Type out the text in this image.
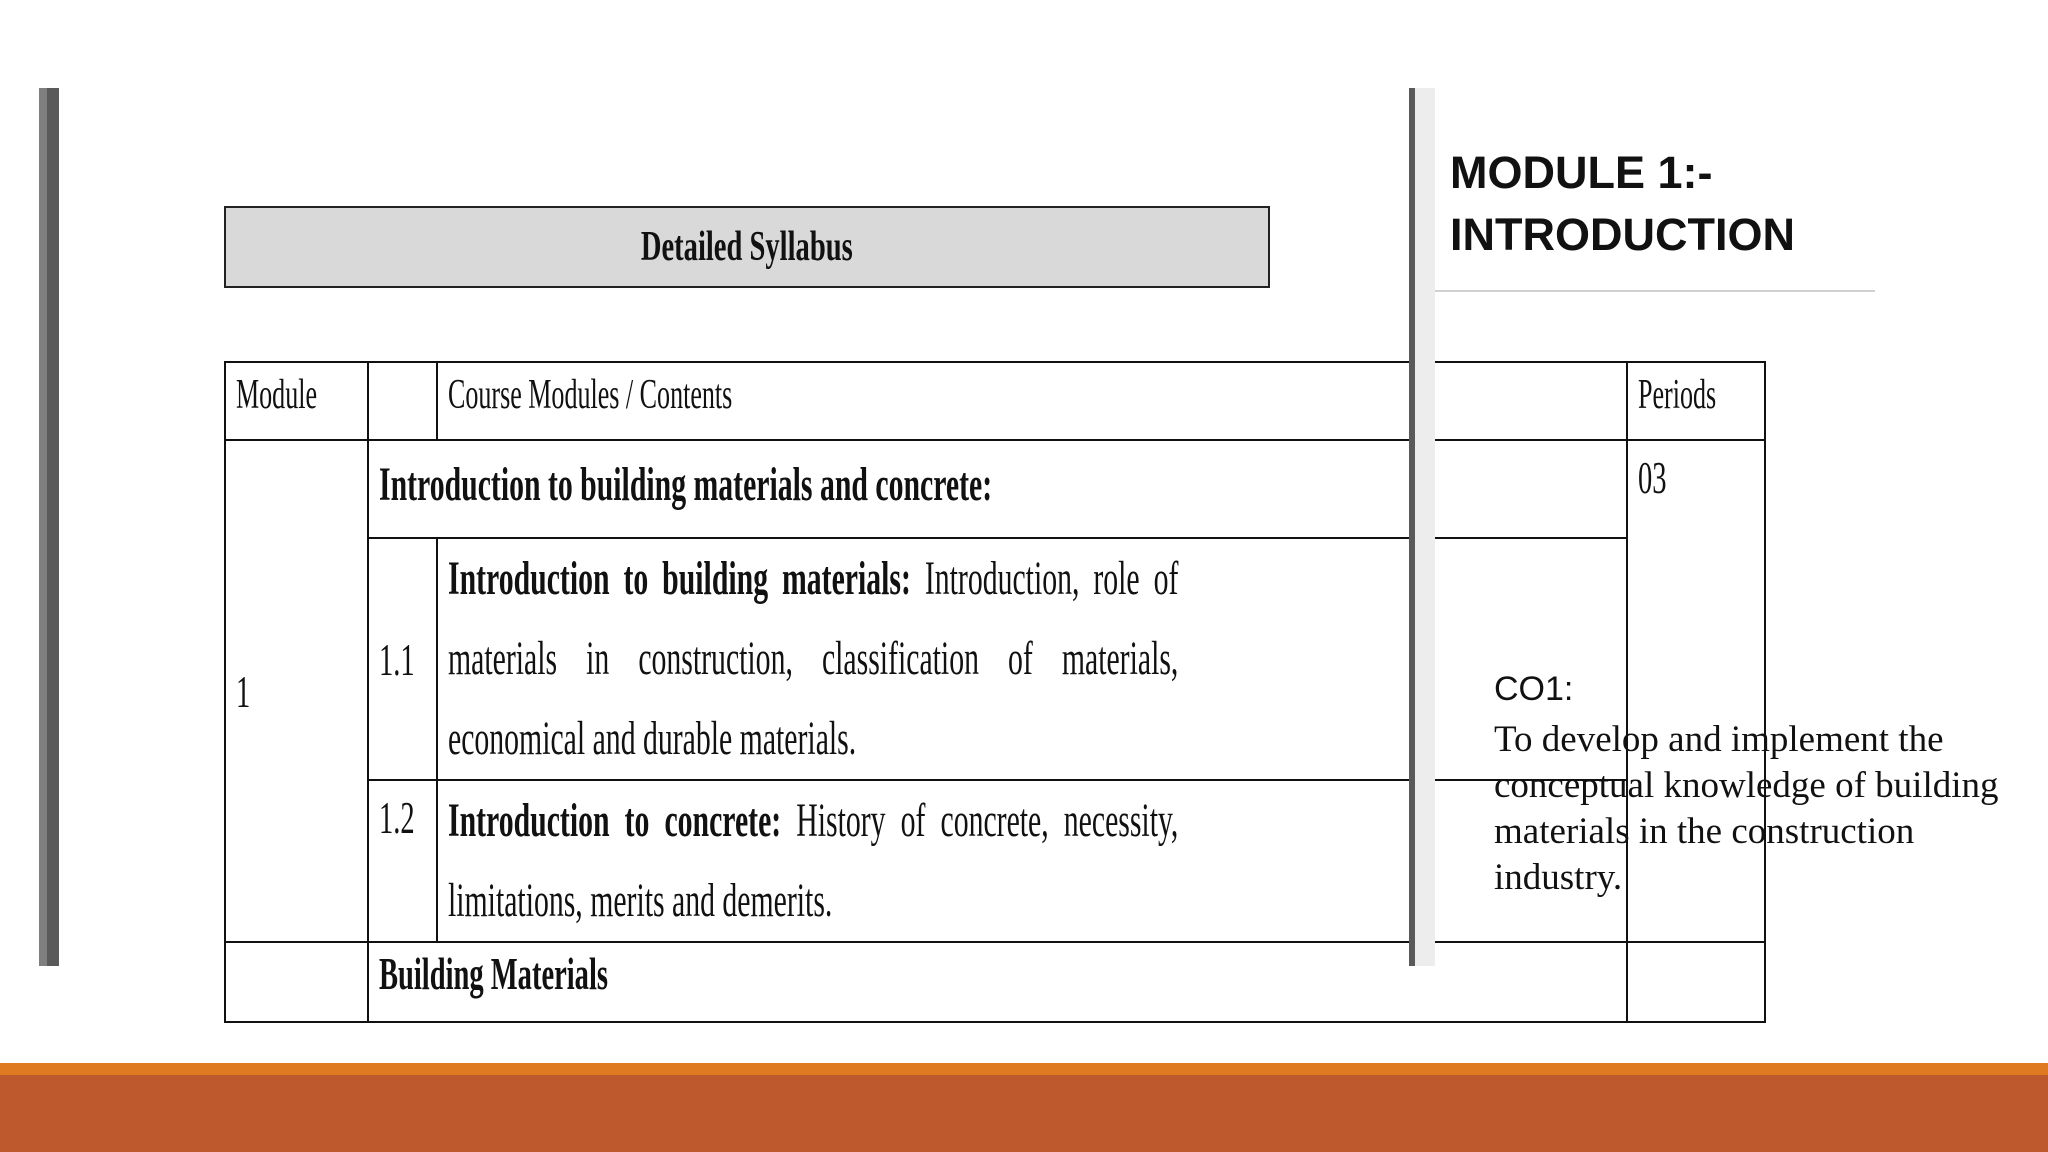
Detailed Syllabus
Module		Course Modules / Contents	Periods
1	Introduction to building materials and concrete:		03
	1.1	Introduction to building materials: Introduction, role of materials in construction, classification of materials, economical and durable materials.	

	1.2	Introduction to concrete: History of concrete, necessity, limitations, merits and demerits.	

	Building Materials		
MODULE 1:-
INTRODUCTION
CO1:
To develop and implement the conceptual knowledge of building materials in the construction industry.
